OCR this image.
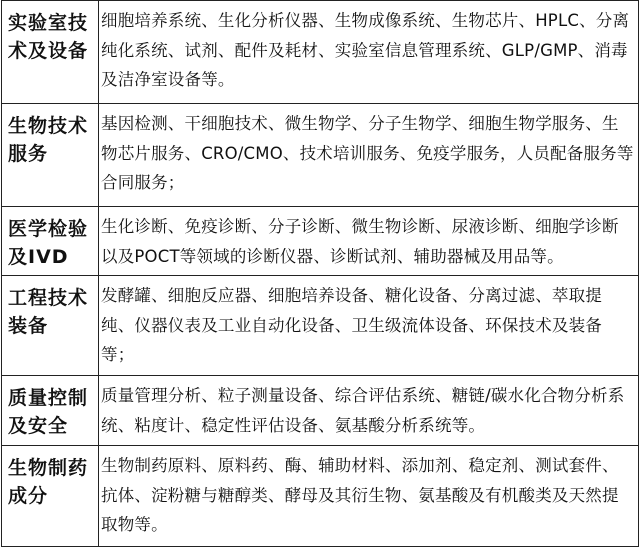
实验室技术及设备	细胞培养系统、生化分析仪器、生物成像系统、生物芯片、HPLC、分离纯化系统、试剂、配件及耗材、实验室信息管理系统、GLP/GMP、消毒及洁净室设备等。
生物技术服务	基因检测、干细胞技术、微生物学、分子生物学、细胞生物学服务、生物芯片服务、CRO/CMO、技术培训服务、免疫学服务，人员配备服务等合同服务；
医学检验及IVD	生化诊断、免疫诊断、分子诊断、微生物诊断、尿液诊断、细胞学诊断以及POCT等领域的诊断仪器、诊断试剂、辅助器械及用品等。
工程技术装备	发酵罐、细胞反应器、细胞培养设备、糖化设备、分离过滤、萃取提纯、仪器仪表及工业自动化设备、卫生级流体设备、环保技术及装备等；
质量控制及安全	质量管理分析、粒子测量设备、综合评估系统、糖链/碳水化合物分析系统、粘度计、稳定性评估设备、氨基酸分析系统等。
生物制药成分	生物制药原料、原料药、酶、辅助材料、添加剂、稳定剂、测试套件、抗体、淀粉糖与糖醇类、酵母及其衍生物、氨基酸及有机酸类及天然提取物等。
